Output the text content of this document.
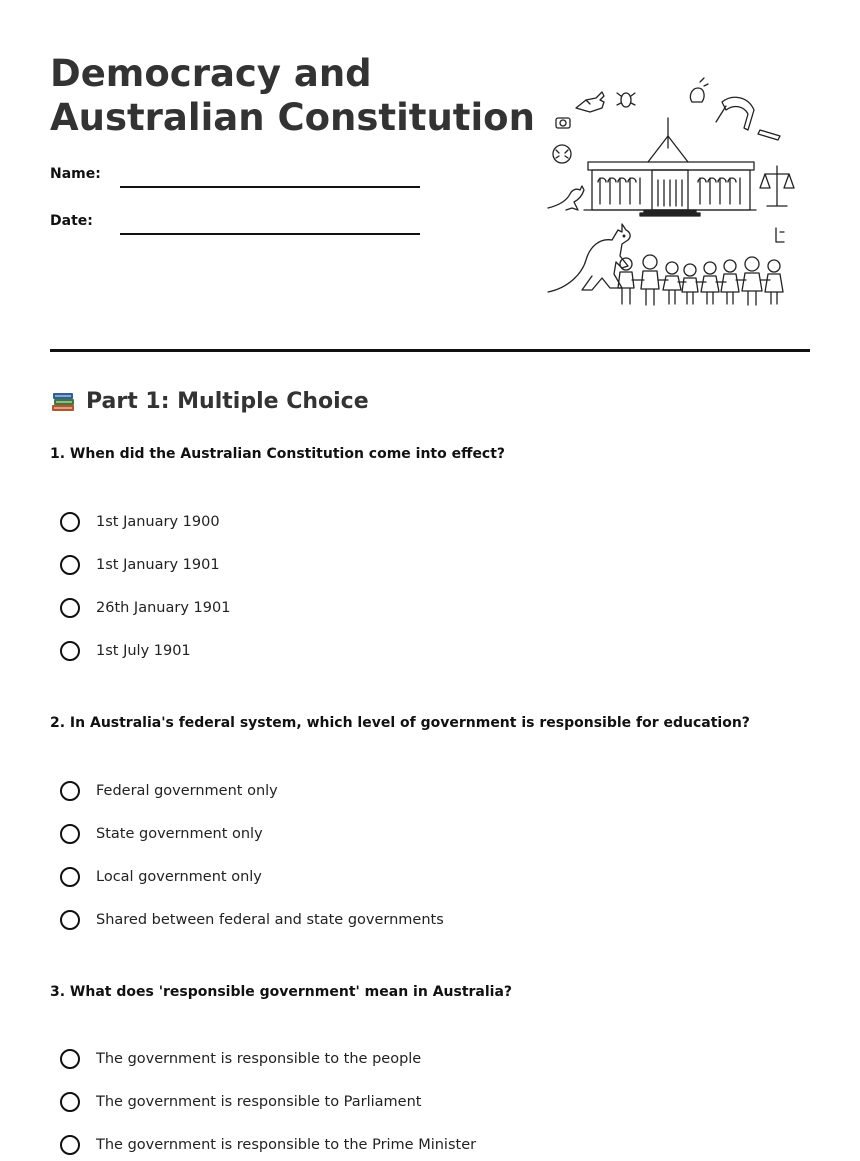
Democracy and
Australian Constitution
Name:
Date:
Part 1: Multiple Choice
1. When did the Australian Constitution come into effect?
1st January 1900
1st January 1901
26th January 1901
1st July 1901
2. In Australia's federal system, which level of government is responsible for education?
Federal government only
State government only
Local government only
Shared between federal and state governments
3. What does 'responsible government' mean in Australia?
The government is responsible to the people
The government is responsible to Parliament
The government is responsible to the Prime Minister
